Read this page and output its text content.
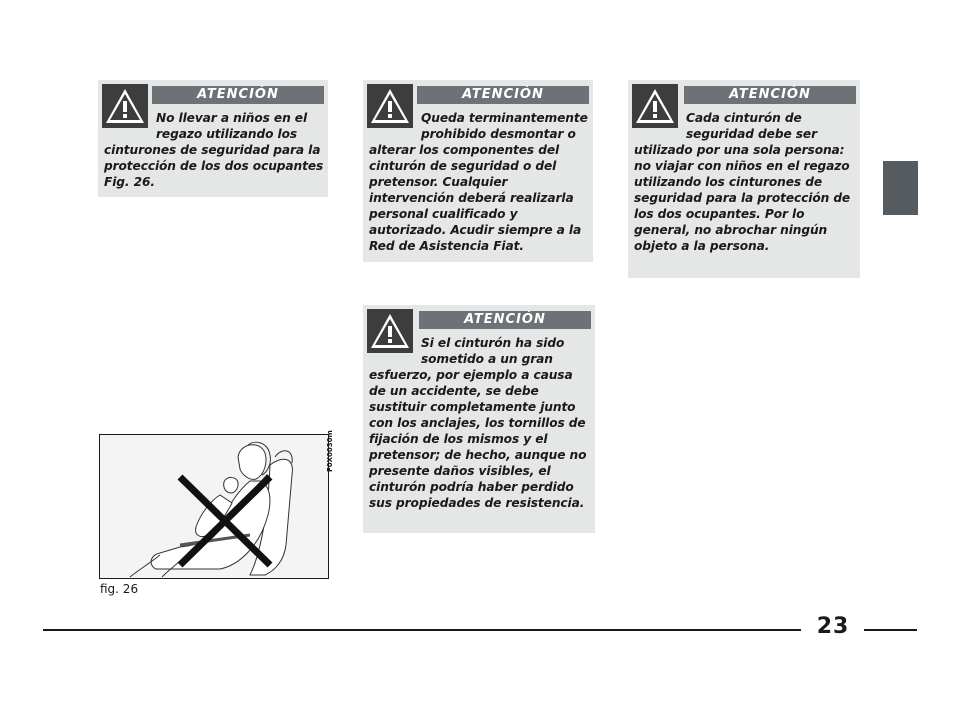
ATENCIÓN
No llevar a niños en el regazo utilizando los cinturones de seguridad para la protección de los dos ocupantes Fig. 26.
ATENCIÓN
Queda terminantemente prohibido desmontar o alterar los componentes del cinturón de seguridad o del pretensor. Cualquier intervención deberá realizarla personal cualificado y autorizado. Acudir siempre a la Red de Asistencia Fiat.
ATENCIÓN
Cada cinturón de seguridad debe ser utilizado por una sola persona: no viajar con niños en el regazo utilizando los cinturones de seguridad para la protección de los dos ocupantes. Por lo general, no abrochar ningún objeto a la persona.
ATENCIÓN
Si el cinturón ha sido sometido a un gran esfuerzo, por ejemplo a causa de un accidente, se debe sustituir completamente junto con los anclajes, los tornillos de fijación de los mismos y el pretensor; de hecho, aunque no presente daños visibles, el cinturón podría haber perdido sus propiedades de resistencia.
F0X0030m
fig. 26
23
